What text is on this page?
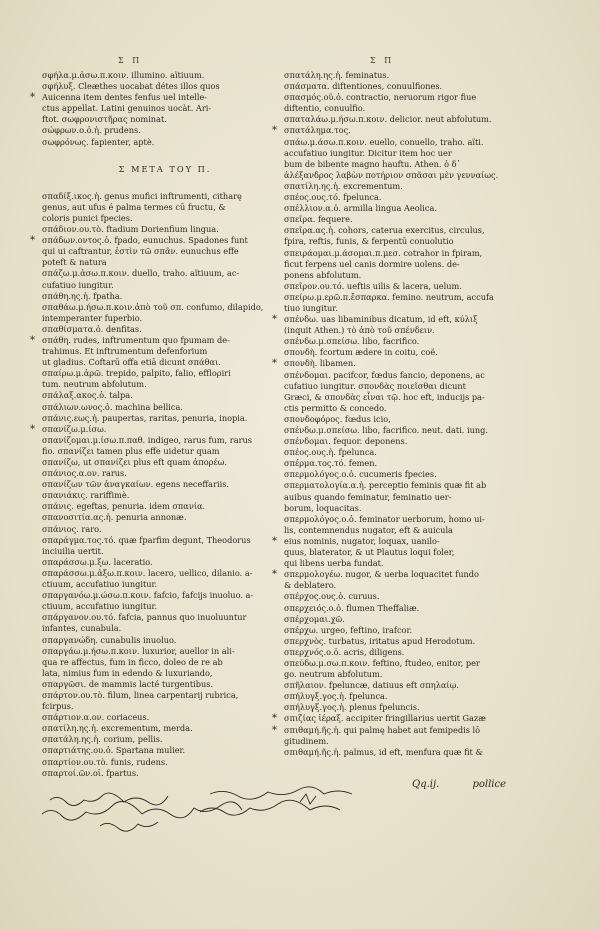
Σ Π	Σ Π
σφήλα.μ.ἀσω.π.κοιν. illumino. aïtiuum.
σφήλυξ. Cleæthes uocabat détes illos quos
* Auicenna item dentes fenfus uel intelle-
ctus appellat. Latini genuinos uocàt. Ari-
ftot. σωφρονιστῆρας nominat.
σώφρων.ο.ὁ.ἡ. prudens.
σωφρόνως. fapienter, aptè.
Σ ΜΕΤΑ ΤΟΥ Π.
σπαδίξ.ικος.ἡ. genus mufici inftrumenti, citharę
genus, aut ufus é palma termes cū fructu, &
coloris punici fpecies.
σπάδιον.ου.τὸ. ftadium Dorienfium lingua.
* σπάδων.οντος.ὁ. fpado, eunuchus. Spadones funt
qui ui caftrantur, ἐστὶν τῶ σπᾶν. eunuchus effe
poteft & natura
σπάζω.μ.ἀσω.π.κοιν. duello, traho. aïtiuum, ac-
cufatiuo iungitur.
σπάθη.ης.ἡ. fpatha.
σπαθάω.μ.ήσω.π.κοιν.ἀπὸ τοῦ σπ. confumo, dilapido,
intemperanter fuperbio.
σπαθίσματα.ὁ. denfitas.
* σπάθη. rudes, inftrumentum quo fpumam de-
trahimus. Et inftrumentum defenforium
ut gladius. Coftarū offa etiā dicunt σπάθαι.
σπαίρω.μ.ἀρῶ. trepido, palpito, falio, effloρiri
tum. neutrum abfolutum.
σπάλαξ.ακος.ὁ. talpa.
σπάλιων.ωνος.ὁ. machina bellica.
σπάνις.εως.ἡ. paupertas, raritas, penuria, inopia.
* σπανίζω.μ.ίσω.
σπανίζομαι.μ.ίσω.π.παθ. indigeo, rarus fum, rarus
fio. σπανίζει tamen plus effe uidetur quam
σπανίζω, ut σπανίζει plus eft quam ἀπορέω.
σπάνιος.α.ον. rarus.
σπανίζων τῶν ἀναγκαίων. egens neceffariis.
σπανιάκις. rariffimè.
σπάνις. egeftas, penuria. idem σπανία.
σπανοσιτία.ας.ἡ. penuria annonæ.
σπάνιος. raro.
σπαράγμα.τος.τό. quæ fparfim degunt, Theodorus
inciuilia uertit.
σπαράσσω.μ.ξω. laceratio.
σπαράσσω.μ.ἀξω.π.κοιν. lacero, uellico, dilanio. a-
ctiuum, accufatiuo iungitur.
σπαργανόω.μ.ώσω.π.κοιν. fafcio, fafcijs inuoluo. a-
ctiuum, accufatiuo iungitur.
σπάργανον.ου.τό. fafcia, pannus quo inuoluuntur
infantes, cunabula.
σπαργανώδη. cunabulis inuoluo.
σπαργάω.μ.ήσω.π.κοιν. luxurior, auellor in ali-
qua re affectus, fum in ficco, doleo de re ab
lata, nimius fum in edendo & luxuriando,
σπαργῶσι. de mammis lacté turgentibus.
σπάρτον.ου.τὸ. filum, linea carpentarij rubrica,
fcirpus.
σπάρτιον.α.ον. coriaceus.
σπατίλη.ης.ἡ. excrementum, merda.
σπατάλη.ης.ἡ. corium, pellis.
σπαρτιάτης.ου.ὁ. Spartana mulier.
σπαρτίον.ου.τὸ. funis, rudens.
σπαρτοί.ῶν.οἱ. fpartus.
σπατάλη.ης.ἡ. feminatus.
σπάσματα. diftentiones, conuulfiones.
σπασμός.οῦ.ὁ. contractio, neruorum rigor fiue
diftentio, conuulfio.
σπαταλάω.μ.ήσω.π.κοιν. delicior. neut abfolutum.
* σπατάλημα.τος.
σπάω.μ.άσω.π.κοιν. euello, conuello, traho. aïti.
accufatiuo iungitur. Dicitur item hoc uer
bum de bibente magno hauftu. Athen. ὁ δ᾽
ἀλέξανδρος λαβὼν ποτήριον σπᾶσαι μὲν γενναίως.
σπατίλη.ης.ἡ. excrementum.
σπέος.ους.τό. fpelunca.
σπέλλιον.α.ὁ. armilla lingua Aeolica.
σπεῖρα. fequere.
σπεῖρα.ας.ἡ. cohors, caterua exercitus, circulus,
fpira, reftis, funis, & ferpentū conuolutio
σπειράομαι.μ.άσομαι.π.μεσ. cotrahor in fpiram,
ficut ferpens uel canis dormire uolens. de-
ponens abfolutum.
σπεῖρον.ου.τό. ueftis uilis & lacera, uelum.
σπείρω.μ.ερῶ.π.ἔσπαρκα. femino. neutrum, accufa
tiuo iungitur.
* σπένδω. uas libaminibus dicatum, id eft, κύλιξ
(inquit Athen.) τὸ ἀπὸ τοῦ σπένδειν.
σπένδω.μ.σπείσω. libo, facrifico.
σπονδὴ. fcortum ædere in coitu, coë.
* σπονδὴ. libamen.
σπένδομαι. pacifcor, fœdus fancio, deponens, ac
cufatiuo iungitur. σπονδὰς ποιεῖσθαι dicunt
Græci, & σπονδὰς εἶναι τῷ. hoc eft, inducijs pa-
ctis permitto & concedo.
σπονδοφόρος. fœdus icio,
σπένδω.μ.σπείσω. libo, facrifico. neut. dati. iung.
σπένδομαι. fequor. deponens.
σπέος.ους.ἡ. fpelunca.
σπέρμα.τος.τό. femen.
σπερμολόγος.ο.ὁ. cucumeris fpecies.
σπερματολογία.α.ἡ. perceptio feminis quæ fit ab
auibus quando feminatur, feminatio uer-
borum, loquacitas.
σπερμολόγος.ο.ὁ. feminator uerborum, homo ui-
lis, contemnendus nugator, eft & auicula
* eius nominis, nugator, loquax, uanilo-
quus, blaterator, & ut Plautus loqui foler,
qui libens uerba fundat.
* σπερμολογέω. nugor, & uerba loquacitet fundo
& deblatero.
σπέρχος.ους.ὁ. curuus.
σπερχειός.ο.ὁ. flumen Theffaliæ.
σπέρχομαι.χῶ.
σπέρχω. urgeo, feftino, irafcor.
σπερχνὸς. turbatus, iritatus apud Herodotum.
σπερχνός.ο.ὁ. acris, diligens.
σπεύδω.μ.σω.π.κοιν. feftino, ftudeo, enitor, per
go. neutrum abfolutum.
σπῆλαιον. fpeluncæ, datiuus eft σπηλαίῳ.
σπήλυγξ.γος.ἡ. fpelunca.
σπήλυγξ.γος.ἡ. plenus fpeluncis.
* σπιζίας ἰέραξ. accipiter fringillarius uertit Gazæ
* σπιθαμή.ῆς.ἡ. qui palmę habet aut femipedis lō
gitudinem.
σπιθαμή.ῆς.ἡ. palmus, id eft, menfura quæ fit &
Qq.ij.	pollice
